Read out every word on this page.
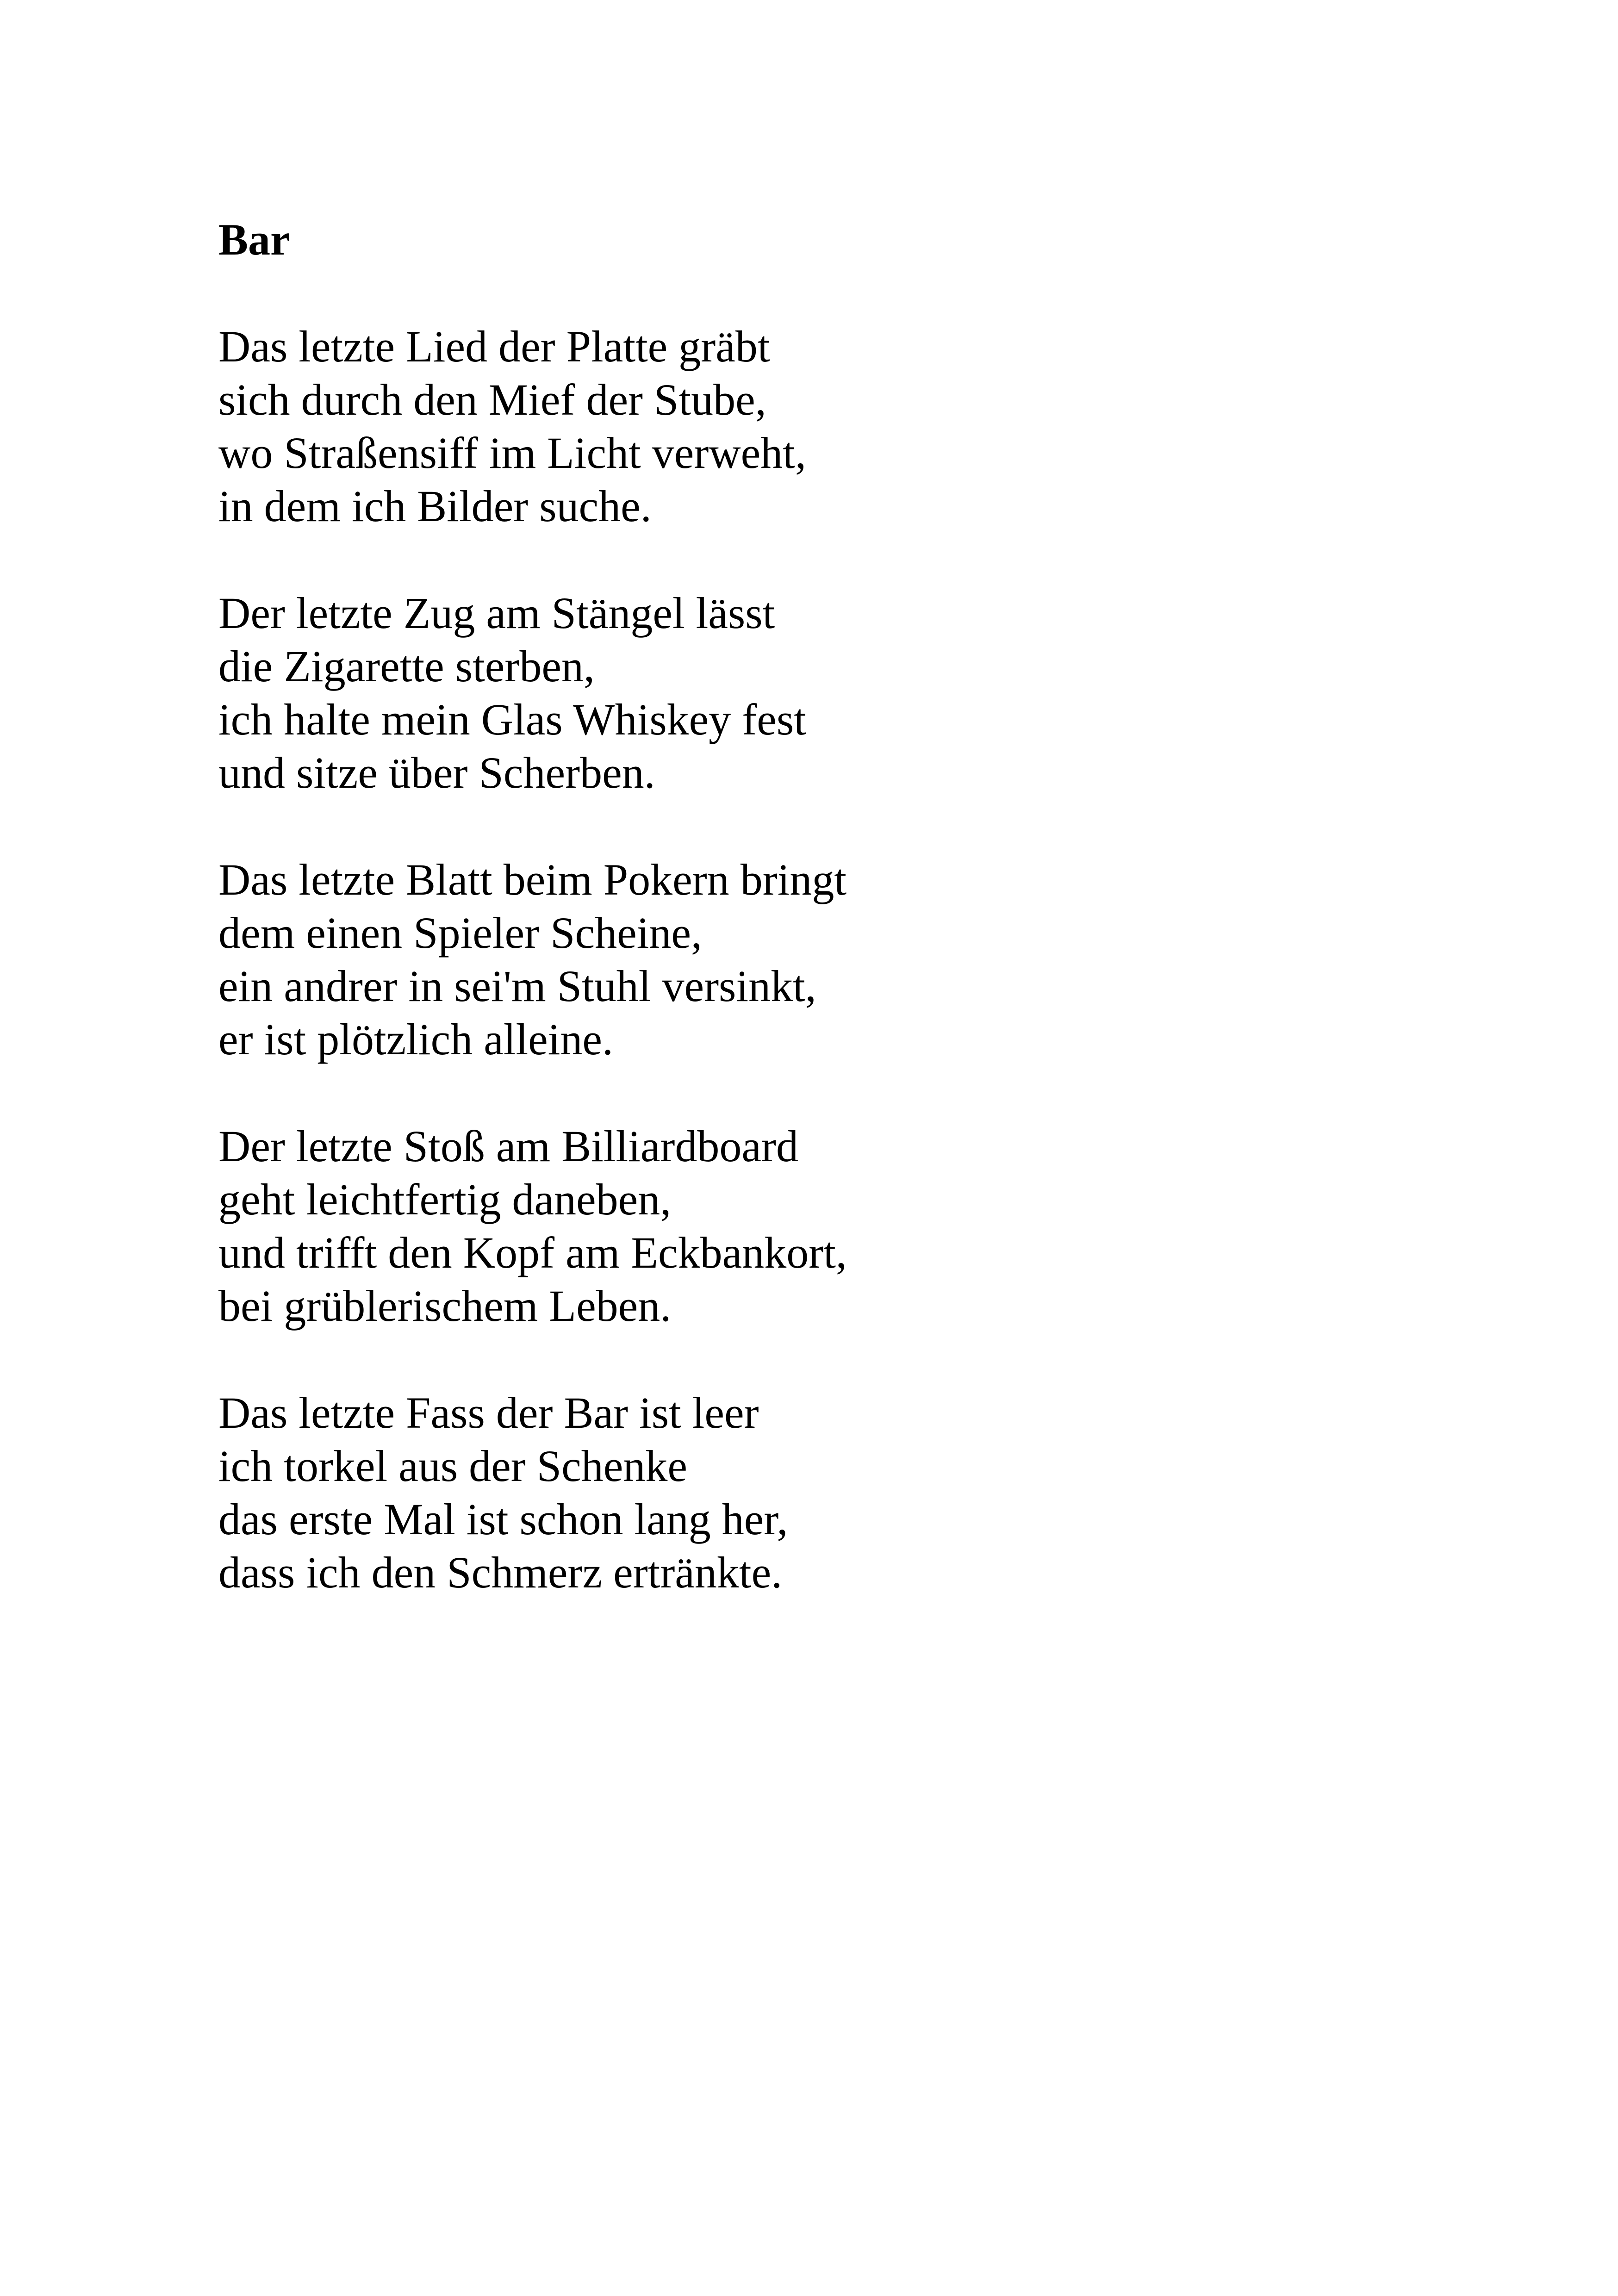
Bar
Das letzte Lied der Platte gräbt
sich durch den Mief der Stube,
wo Straßensiff im Licht verweht,
in dem ich Bilder suche.
Der letzte Zug am Stängel lässt
die Zigarette sterben,
ich halte mein Glas Whiskey fest
und sitze über Scherben.
Das letzte Blatt beim Pokern bringt
dem einen Spieler Scheine,
ein andrer in sei'm Stuhl versinkt,
er ist plötzlich alleine.
Der letzte Stoß am Billiardboard
geht leichtfertig daneben,
und trifft den Kopf am Eckbankort,
bei grüblerischem Leben.
Das letzte Fass der Bar ist leer
ich torkel aus der Schenke
das erste Mal ist schon lang her,
dass ich den Schmerz ertränkte.
